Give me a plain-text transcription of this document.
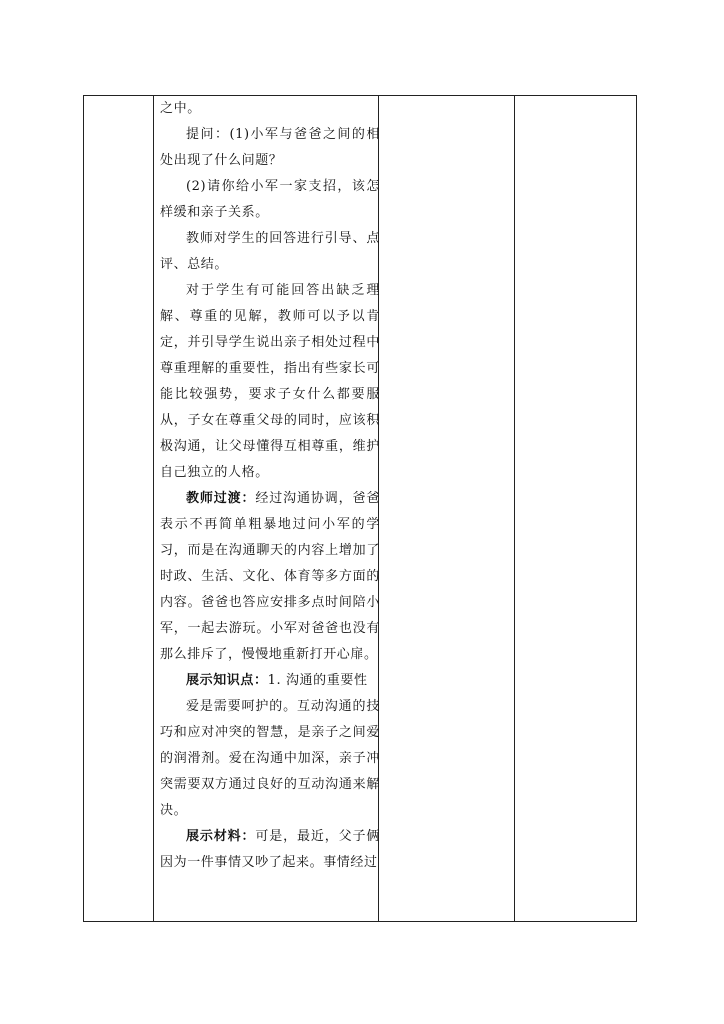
之中。

提问：(1)小军与爸爸之间的相处出现了什么问题？

(2)请你给小军一家支招，该怎样缓和亲子关系。

教师对学生的回答进行引导、点评、总结。

对于学生有可能回答出缺乏理解、尊重的见解，教师可以予以肯定，并引导学生说出亲子相处过程中尊重理解的重要性，指出有些家长可能比较强势，要求子女什么都要服从，子女在尊重父母的同时，应该积极沟通，让父母懂得互相尊重，维护自己独立的人格。

教师过渡：经过沟通协调，爸爸表示不再简单粗暴地过问小军的学习，而是在沟通聊天的内容上增加了时政、生活、文化、体育等多方面的内容。爸爸也答应安排多点时间陪小军，一起去游玩。小军对爸爸也没有那么排斥了，慢慢地重新打开心扉。

展示知识点：1. 沟通的重要性

爱是需要呵护的。互动沟通的技巧和应对冲突的智慧，是亲子之间爱的润滑剂。爱在沟通中加深，亲子冲突需要双方通过良好的互动沟通来解决。

展示材料：可是，最近，父子俩因为一件事情又吵了起来。事情经过
